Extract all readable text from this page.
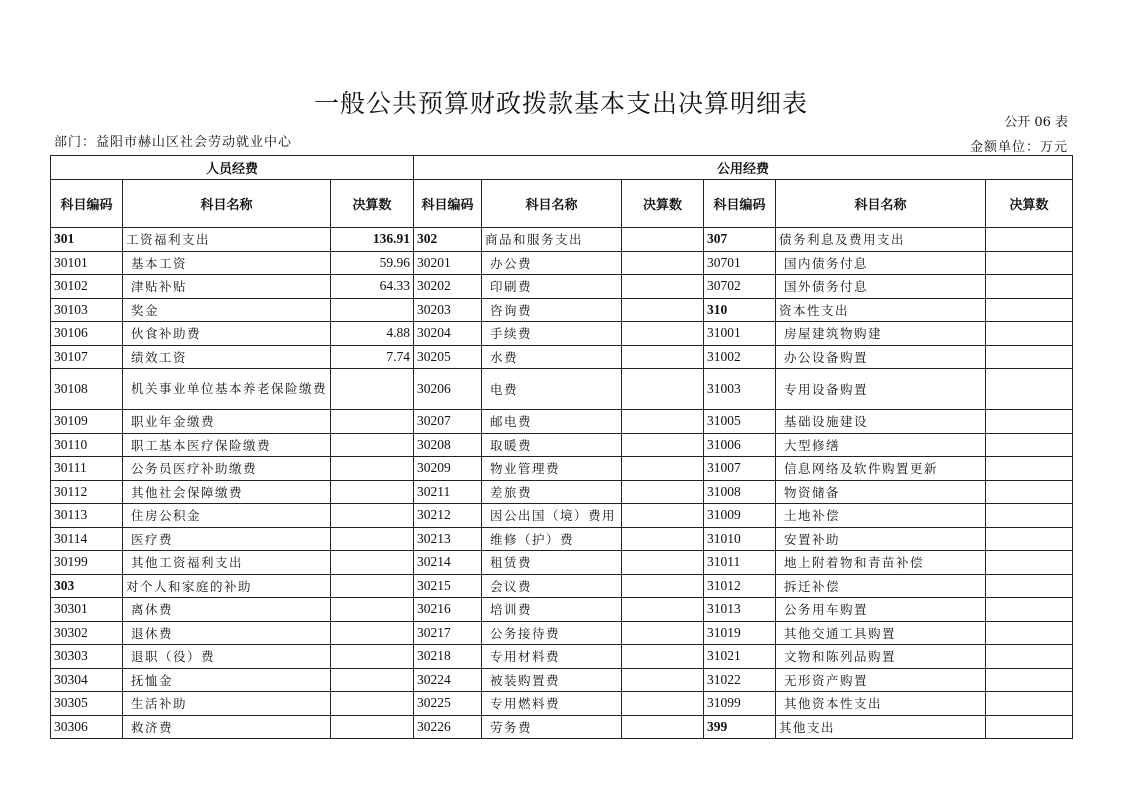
一般公共预算财政拨款基本支出决算明细表
公开 06 表
部门：益阳市赫山区社会劳动就业中心	金额单位：万元
人员经费			公用经费					
科目编码	科目名称	决算数	科目编码	科目名称	决算数	科目编码	科目名称	决算数
301	工资福利支出	136.91	302	商品和服务支出		307	债务利息及费用支出	
30101	基本工资	59.96	30201	办公费		30701	国内债务付息	
30102	津贴补贴	64.33	30202	印刷费		30702	国外债务付息	
30103	奖金		30203	咨询费		310	资本性支出	
30106	伙食补助费	4.88	30204	手续费		31001	房屋建筑物购建	
30107	绩效工资	7.74	30205	水费		31002	办公设备购置	
30108	机关事业单位基本养老保险缴费		30206	电费		31003	专用设备购置	
30109	职业年金缴费		30207	邮电费		31005	基础设施建设	
30110	职工基本医疗保险缴费		30208	取暖费		31006	大型修缮	
30111	公务员医疗补助缴费		30209	物业管理费		31007	信息网络及软件购置更新	
30112	其他社会保障缴费		30211	差旅费		31008	物资储备	
30113	住房公积金		30212	因公出国（境）费用		31009	土地补偿	
30114	医疗费		30213	维修（护）费		31010	安置补助	
30199	其他工资福利支出		30214	租赁费		31011	地上附着物和青苗补偿	
303	对个人和家庭的补助		30215	会议费		31012	拆迁补偿	
30301	离休费		30216	培训费		31013	公务用车购置	
30302	退休费		30217	公务接待费		31019	其他交通工具购置	
30303	退职（役）费		30218	专用材料费		31021	文物和陈列品购置	
30304	抚恤金		30224	被装购置费		31022	无形资产购置	
30305	生活补助		30225	专用燃料费		31099	其他资本性支出	
30306	救济费		30226	劳务费		399	其他支出	
